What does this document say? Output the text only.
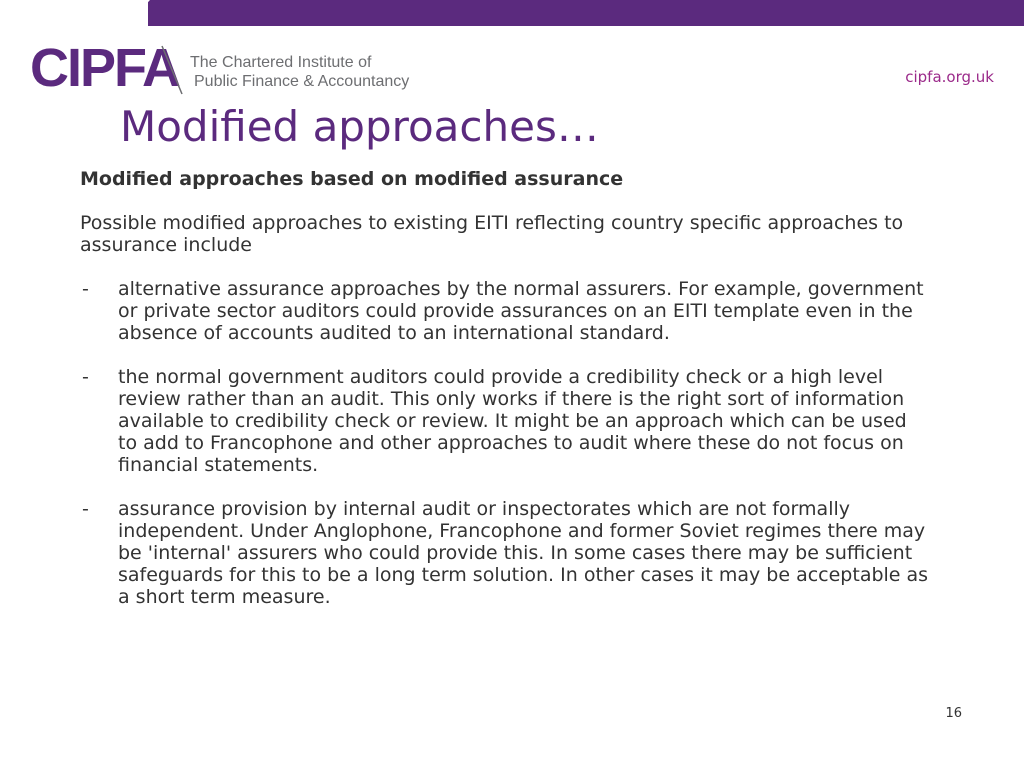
CIPFA The Chartered Institute of
Public Finance & Accountancy	cipfa.org.uk
Modified approaches…

Modified approaches based on modified assurance

Possible modified approaches to existing EITI reflecting country specific approaches to assurance include

- alternative assurance approaches by the normal assurers. For example, government or private sector auditors could provide assurances on an EITI template even in the absence of accounts audited to an international standard.
- the normal government auditors could provide a credibility check or a high level review rather than an audit. This only works if there is the right sort of information available to credibility check or review. It might be an approach which can be used to add to Francophone and other approaches to audit where these do not focus on financial statements.
- assurance provision by internal audit or inspectorates which are not formally independent. Under Anglophone, Francophone and former Soviet regimes there may be 'internal' assurers who could provide this. In some cases there may be sufficient safeguards for this to be a long term solution. In other cases it may be acceptable as a short term measure.
16
